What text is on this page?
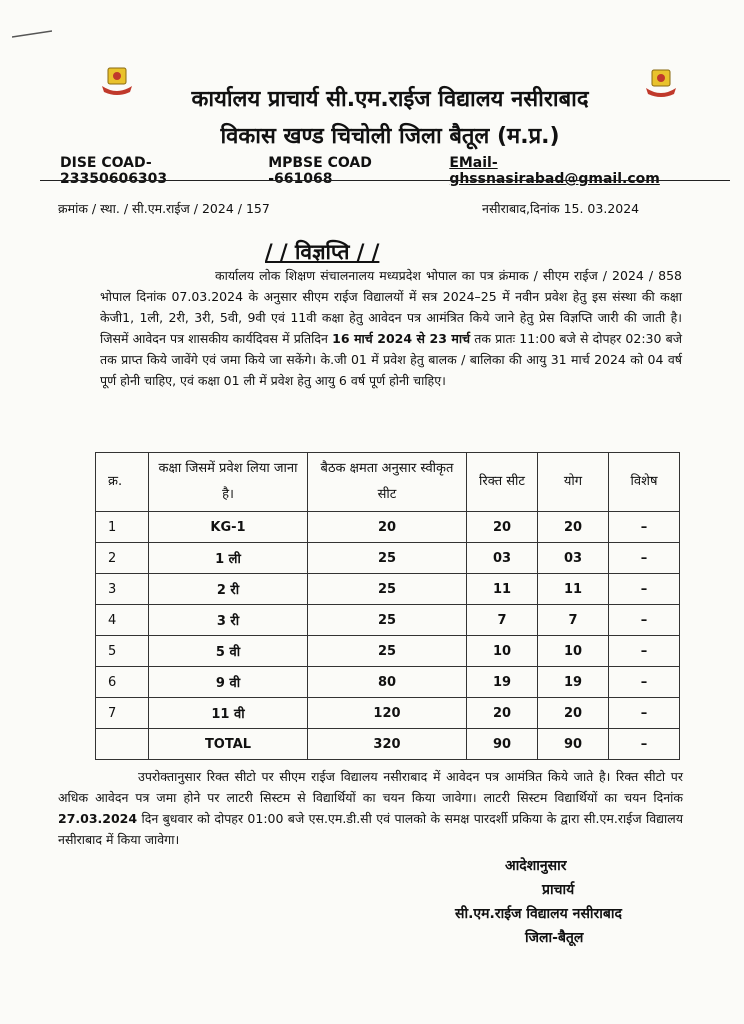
कार्यालय प्राचार्य सी.एम.राईज विद्यालय नसीराबाद
विकास खण्ड चिचोली जिला बैतूल (म.प्र.)
DISE COAD- 23350606303
MPBSE COAD -661068
EMail- ghssnasirabad@gmail.com
क्रमांक / स्था. / सी.एम.राईज / 2024 / 157	नसीराबाद,दिनांक 15. 03.2024
/ / विज्ञप्ति / /
कार्यालय लोक शिक्षण संचालनालय मध्यप्रदेश भोपाल का पत्र क्रंमाक / सीएम राईज / 2024 / 858 भोपाल दिनांक 07.03.2024 के अनुसार सीएम राईज विद्यालयों में सत्र 2024–25 में नवीन प्रवेश हेतु इस संस्था की कक्षा केजी1, 1ली, 2री, 3री, 5वी, 9वी एवं 11वी कक्षा हेतु आवेदन पत्र आमंत्रित किये जाने हेतु प्रेस विज्ञप्ति जारी की जाती है। जिसमें आवेदन पत्र शासकीय कार्यदिवस में प्रतिदिन 16 मार्च 2024 से 23 मार्च तक प्रातः 11:00 बजे से दोपहर 02:30 बजे तक प्राप्त किये जावेंगे एवं जमा किये जा सकेंगे। के.जी 01 में प्रवेश हेतु बालक / बालिका की आयु 31 मार्च 2024 को 04 वर्ष पूर्ण होनी चाहिए, एवं कक्षा 01 ली में प्रवेश हेतु आयु 6 वर्ष पूर्ण होनी चाहिए।
क्र.	कक्षा जिसमें प्रवेश लिया जाना है।	बैठक क्षमता अनुसार स्वीकृत सीट	रिक्त सीट	योग	विशेष
1	KG-1	20	20	20	–
2	1 ली	25	03	03	–
3	2 री	25	11	11	–
4	3 री	25	7	7	–
5	5 वी	25	10	10	–
6	9 वी	80	19	19	–
7	11 वी	120	20	20	–
	TOTAL	320	90	90	–
उपरोक्तानुसार रिक्त सीटो पर सीएम राईज विद्यालय नसीराबाद में आवेदन पत्र आमंत्रित किये जाते है। रिक्त सीटो पर अधिक आवेदन पत्र जमा होने पर लाटरी सिस्टम से विद्यार्थियों का चयन किया जावेगा। लाटरी सिस्टम विद्यार्थियों का चयन दिनांक 27.03.2024 दिन बुधवार को दोपहर 01:00 बजे एस.एम.डी.सी एवं पालको के समक्ष पारदर्शी प्रकिया के द्वारा सी.एम.राईज विद्यालय नसीराबाद में किया जावेगा।
आदेशानुसार
प्राचार्य
सी.एम.राईज विद्यालय नसीराबाद
जिला-बैतूल
